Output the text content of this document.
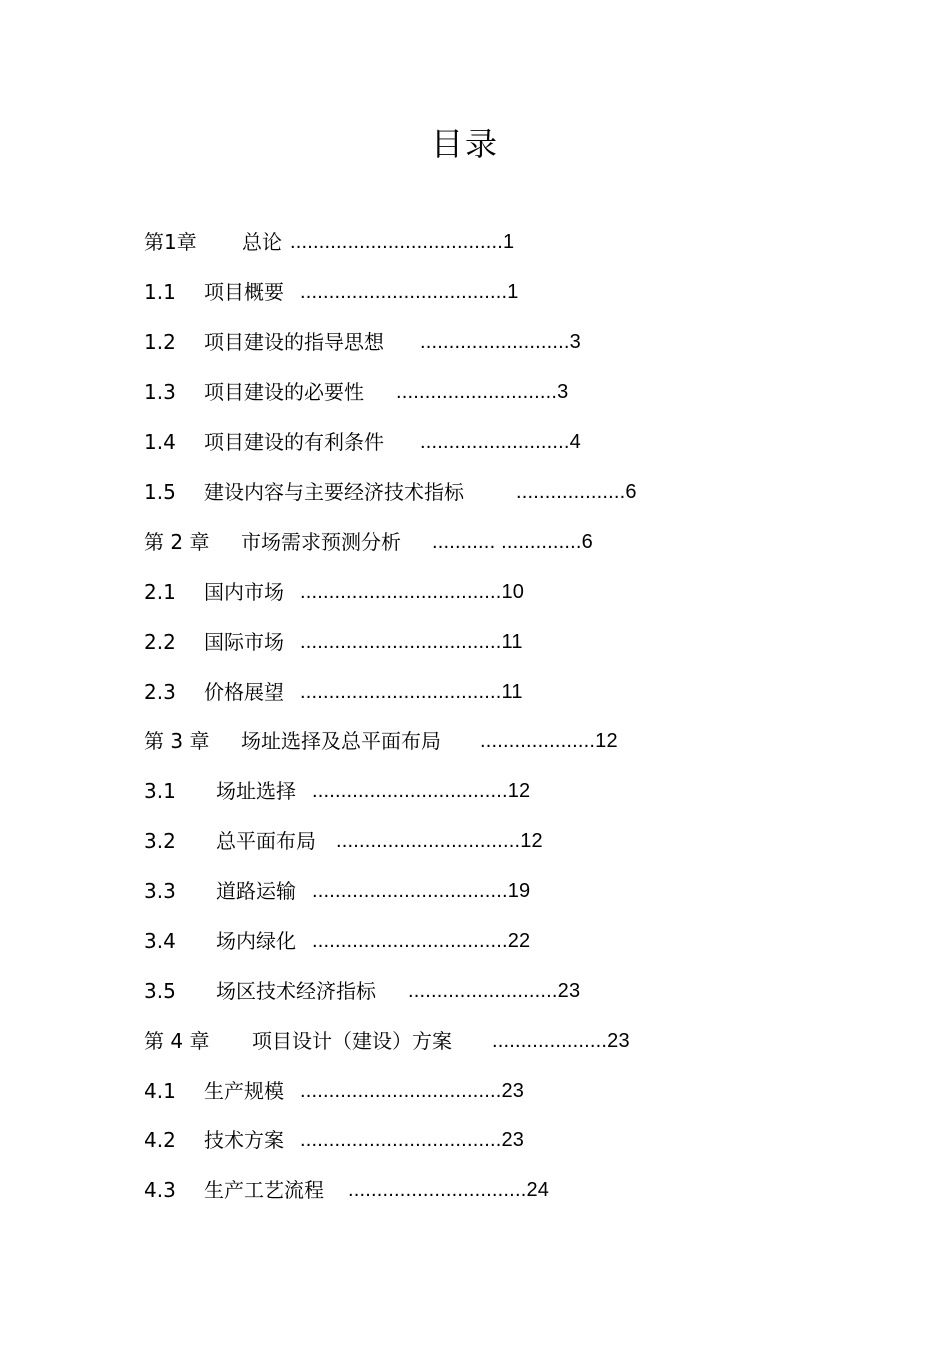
目录
第1章 总论 .....................................1
1.1 项目概要 ....................................1
1.2 项目建设的指导思想 ..........................3
1.3 项目建设的必要性 ............................3
1.4 项目建设的有利条件 ..........................4
1.5 建设内容与主要经济技术指标	...................6
第 2 章 市场需求预测分析 ........... ..............6
2.1 国内市场 ...................................10
2.2 国际市场 ...................................11
2.3 价格展望 ...................................11
第 3 章 场址选择及总平面布局 ....................12
3.1 场址选择 ..................................12
3.2 总平面布局 ................................12
3.3 道路运输 ..................................19
3.4 场内绿化 ..................................22
3.5 场区技术经济指标 ..........................23
第 4 章 项目设计（建设）方案 ....................23
4.1 生产规模 ...................................23
4.2 技术方案 ...................................23
4.3 生产工艺流程 ...............................24
